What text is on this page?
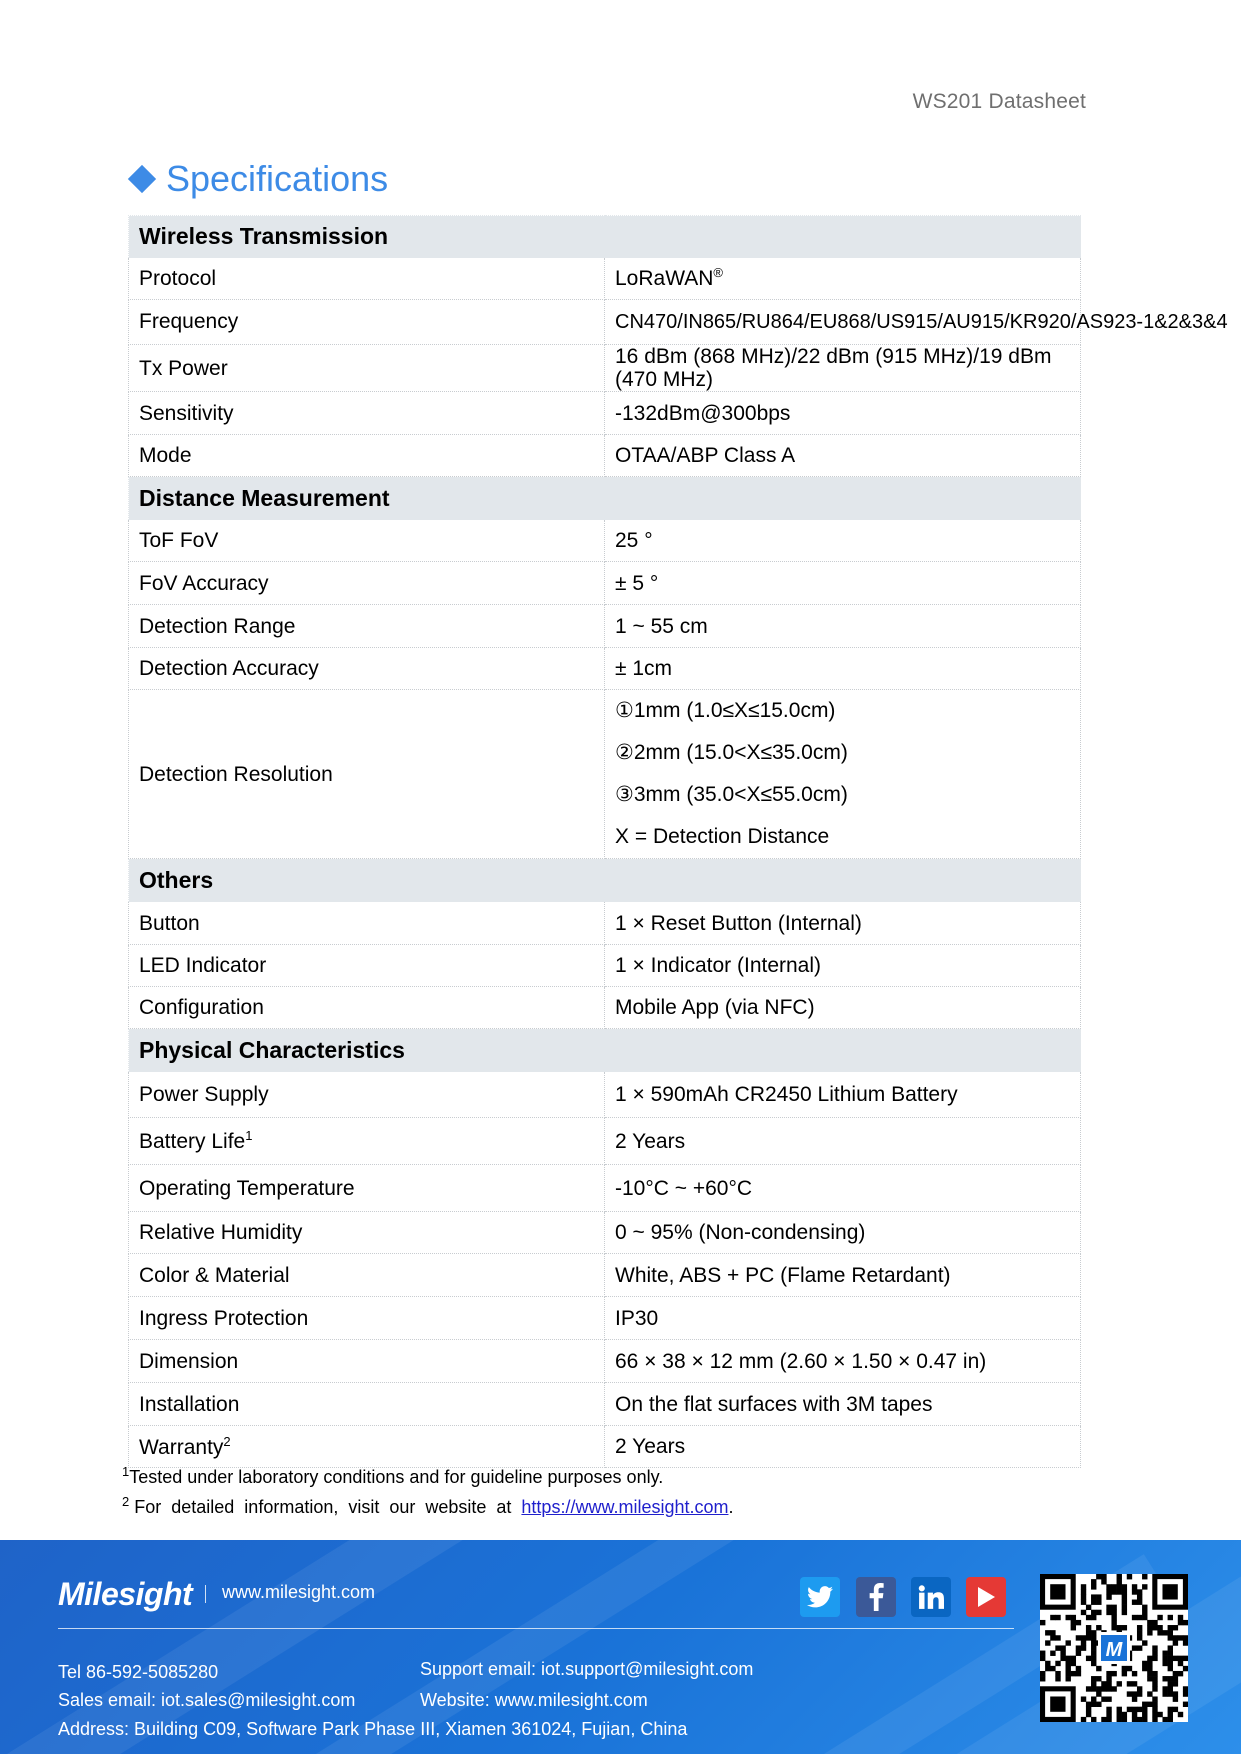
WS201 Datasheet
Specifications
Wireless Transmission	
Protocol	LoRaWAN®
Frequency	CN470/IN865/RU864/EU868/US915/AU915/KR920/AS923-1&2&3&4
Tx Power	16 dBm (868 MHz)/22 dBm (915 MHz)/19 dBm (470 MHz)
Sensitivity	-132dBm@300bps
Mode	OTAA/ABP Class A
Distance Measurement	
ToF FoV	25 °
FoV Accuracy	± 5 °
Detection Range	1 ~ 55 cm
Detection Accuracy	± 1cm
Detection Resolution	①1mm (1.0≤X≤15.0cm)
②2mm (15.0<X≤35.0cm)
③3mm (35.0<X≤55.0cm)
X = Detection Distance

Others	
Button	1 × Reset Button (Internal)
LED Indicator	1 × Indicator (Internal)
Configuration	Mobile App (via NFC)
Physical Characteristics	
Power Supply	1 × 590mAh CR2450 Lithium Battery
Battery Life$^1$	2 Years
Operating Temperature	-10°C ~ +60°C
Relative Humidity	0 ~ 95% (Non-condensing)
Color & Material	White, ABS + PC (Flame Retardant)
Ingress Protection	IP30
Dimension	66 × 38 × 12 mm (2.60 × 1.50 × 0.47 in)
Installation	On the flat surfaces with 3M tapes
Warranty$^2$	2 Years
$^1$Tested under laboratory conditions and for guideline purposes only.
$^2$ For detailed information, visit our website at https://www.milesight.com.
Milesight www.milesight.com
Tel 86-592-5085280
Sales email: iot.sales@milesight.com
Address: Building C09, Software Park Phase III, Xiamen 361024, Fujian, China
Support email: iot.support@milesight.com
Website: www.milesight.com
M
